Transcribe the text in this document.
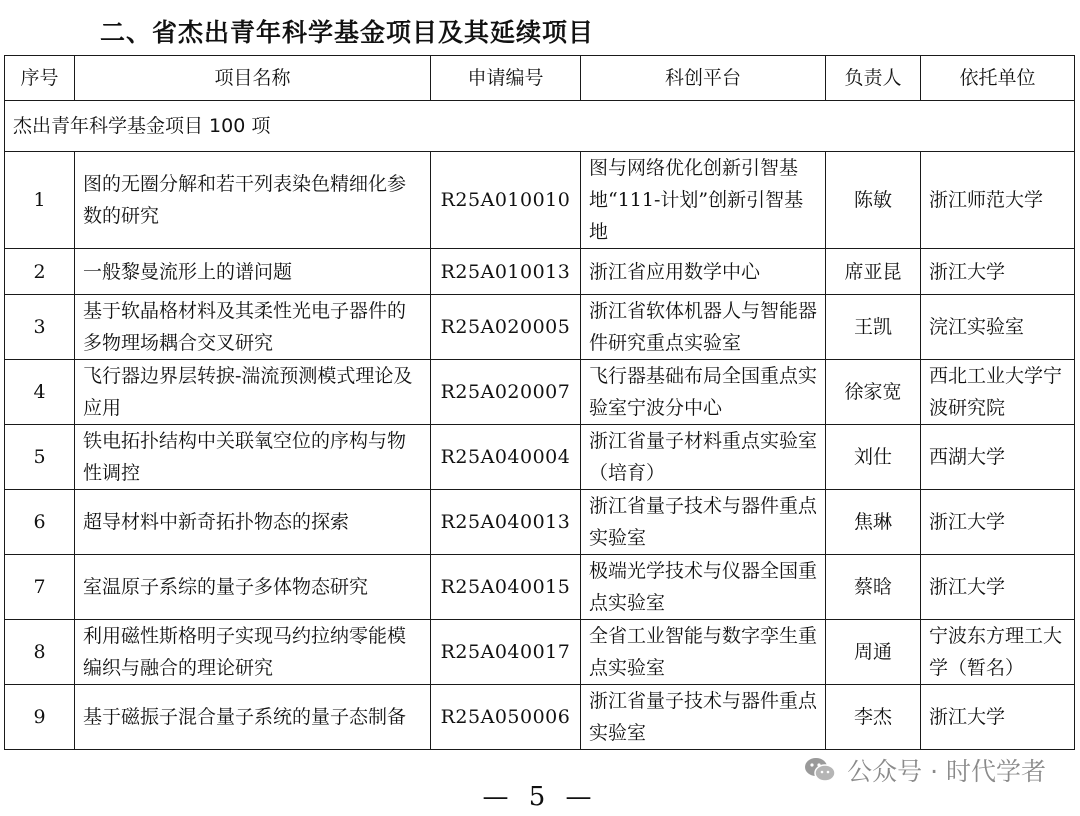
二、省杰出青年科学基金项目及其延续项目
序号	项目名称	申请编号	科创平台	负责人	依托单位
杰出青年科学基金项目 100 项					
1	图的无圈分解和若干列表染色精细化参数的研究	R25A010010	图与网络优化创新引智基地“111-计划”创新引智基地	陈敏	浙江师范大学
2	一般黎曼流形上的谱问题	R25A010013	浙江省应用数学中心	席亚昆	浙江大学
3	基于软晶格材料及其柔性光电子器件的多物理场耦合交叉研究	R25A020005	浙江省软体机器人与智能器件研究重点实验室	王凯	浣江实验室
4	飞行器边界层转捩-湍流预测模式理论及应用	R25A020007	飞行器基础布局全国重点实验室宁波分中心	徐家宽	西北工业大学宁波研究院
5	铁电拓扑结构中关联氧空位的序构与物性调控	R25A040004	浙江省量子材料重点实验室（培育）	刘仕	西湖大学
6	超导材料中新奇拓扑物态的探索	R25A040013	浙江省量子技术与器件重点实验室	焦琳	浙江大学
7	室温原子系综的量子多体物态研究	R25A040015	极端光学技术与仪器全国重点实验室	蔡晗	浙江大学
8	利用磁性斯格明子实现马约拉纳零能模编织与融合的理论研究	R25A040017	全省工业智能与数字孪生重点实验室	周通	宁波东方理工大学（暂名）
9	基于磁振子混合量子系统的量子态制备	R25A050006	浙江省量子技术与器件重点实验室	李杰	浙江大学
公众号 · 时代学者
— 5 —
